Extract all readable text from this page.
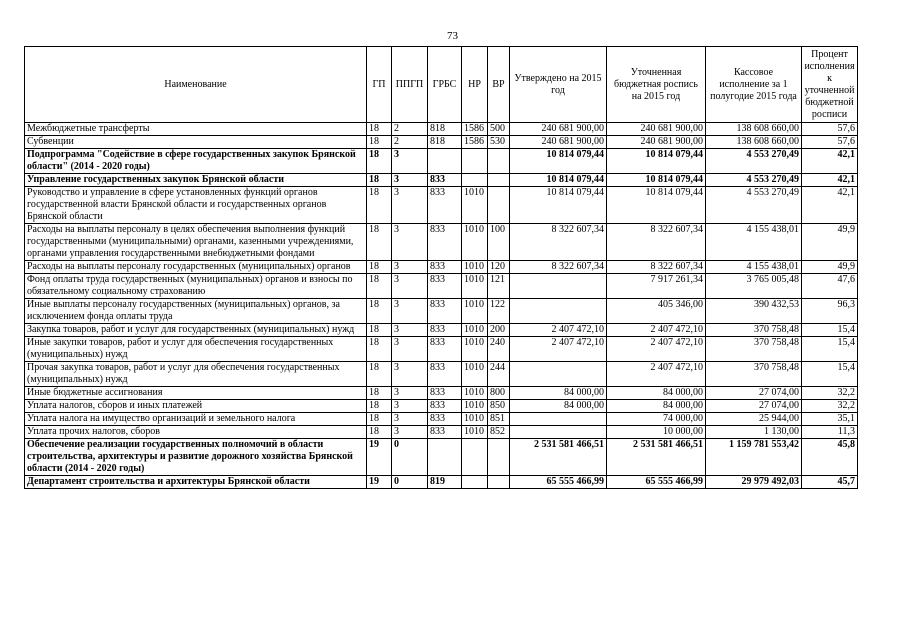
73
Наименование	ГП	ППГП	ГРБС	НР	ВР	Утверждено на 2015 год	Уточненная бюджетная роспись на 2015 год	Кассовое исполнение за 1 полугодие 2015 года	Процент исполнения к уточненной бюджетной росписи
Межбюджетные трансферты	18	2	818	1586	500	240 681 900,00	240 681 900,00	138 608 660,00	57,6
Субвенции	18	2	818	1586	530	240 681 900,00	240 681 900,00	138 608 660,00	57,6
Подпрограмма "Содействие в сфере государственных закупок Брянской области" (2014 - 2020 годы)	18	3				10 814 079,44	10 814 079,44	4 553 270,49	42,1
Управление государственных закупок Брянской области	18	3	833			10 814 079,44	10 814 079,44	4 553 270,49	42,1
Руководство и управление в сфере установленных функций органов государственной власти Брянской области и государственных органов Брянской области	18	3	833	1010		10 814 079,44	10 814 079,44	4 553 270,49	42,1
Расходы на выплаты персоналу в целях обеспечения выполнения функций государственными (муниципальными) органами, казенными учреждениями, органами управления государственными внебюджетными фондами	18	3	833	1010	100	8 322 607,34	8 322 607,34	4 155 438,01	49,9
Расходы на выплаты персоналу государственных (муниципальных) органов	18	3	833	1010	120	8 322 607,34	8 322 607,34	4 155 438,01	49,9
Фонд оплаты труда государственных (муниципальных) органов и взносы по обязательному социальному страхованию	18	3	833	1010	121		7 917 261,34	3 765 005,48	47,6
Иные выплаты персоналу государственных (муниципальных) органов, за исключением фонда оплаты труда	18	3	833	1010	122		405 346,00	390 432,53	96,3
Закупка товаров, работ и услуг для государственных (муниципальных) нужд	18	3	833	1010	200	2 407 472,10	2 407 472,10	370 758,48	15,4
Иные закупки товаров, работ и услуг для обеспечения государственных (муниципальных) нужд	18	3	833	1010	240	2 407 472,10	2 407 472,10	370 758,48	15,4
Прочая закупка товаров, работ и услуг для обеспечения государственных (муниципальных) нужд	18	3	833	1010	244		2 407 472,10	370 758,48	15,4
Иные бюджетные ассигнования	18	3	833	1010	800	84 000,00	84 000,00	27 074,00	32,2
Уплата налогов, сборов и иных платежей	18	3	833	1010	850	84 000,00	84 000,00	27 074,00	32,2
Уплата налога на имущество организаций и земельного налога	18	3	833	1010	851		74 000,00	25 944,00	35,1
Уплата прочих налогов, сборов	18	3	833	1010	852		10 000,00	1 130,00	11,3
Обеспечение реализации государственных полномочий в области строительства, архитектуры и развитие дорожного хозяйства Брянской области (2014 - 2020 годы)	19	0				2 531 581 466,51	2 531 581 466,51	1 159 781 553,42	45,8
Департамент строительства и архитектуры Брянской области	19	0	819			65 555 466,99	65 555 466,99	29 979 492,03	45,7
